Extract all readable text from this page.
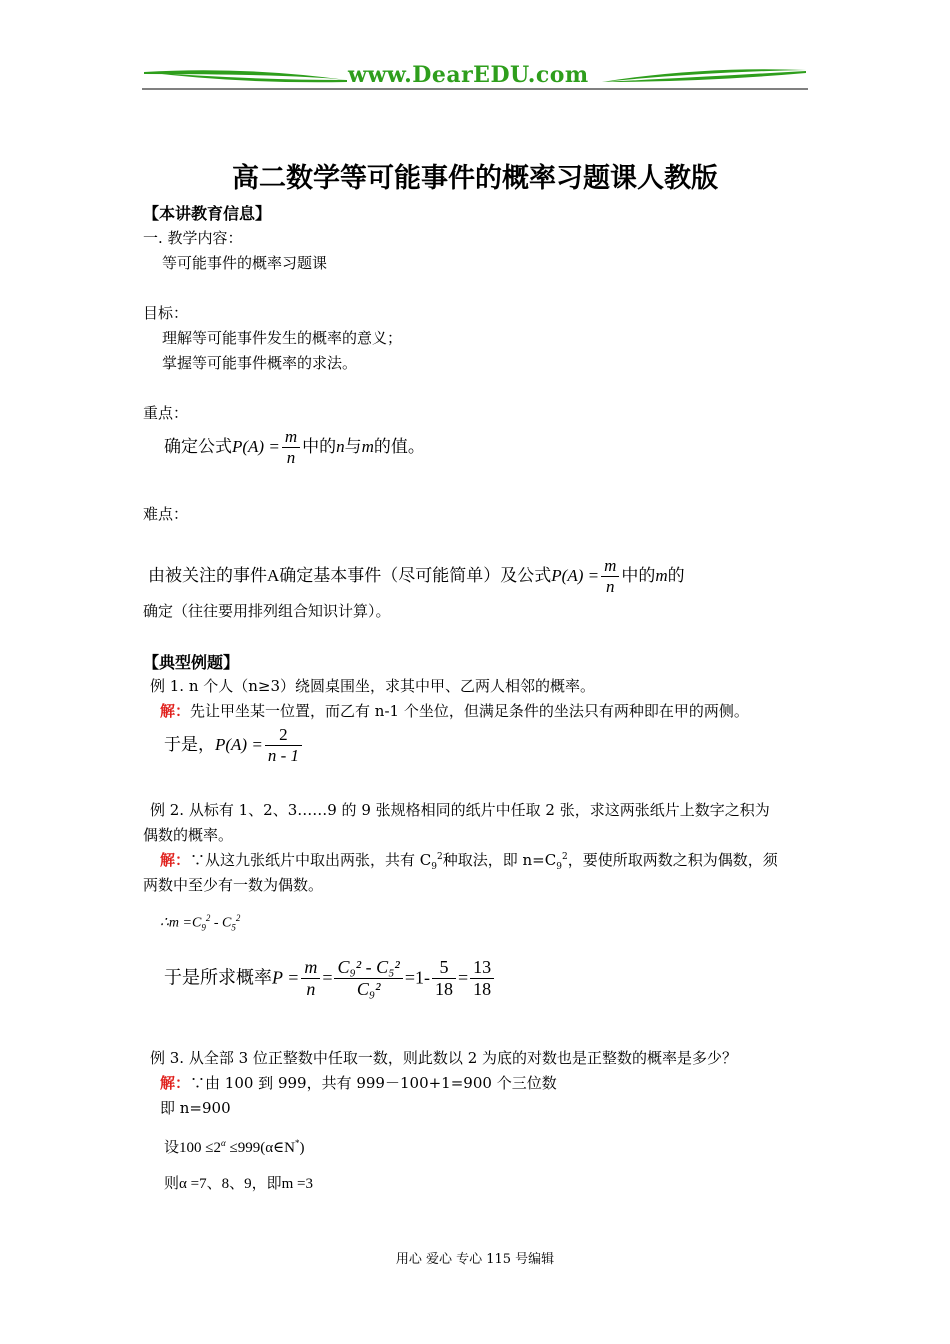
www.DearEDU.com
高二数学等可能事件的概率习题课人教版
【本讲教育信息】
一. 教学内容：
等可能事件的概率习题课
目标：
理解等可能事件发生的概率的意义；
掌握等可能事件概率的求法。
重点：
确定公式$P(A) = \frac{m}{n}$ 中的n与m的值。
难点：
由被关注的事件A确定基本事件（尽可能简单）及公式$P(A) = \frac{m}{n}$ 中的m的
确定（往往要用排列组合知识计算）。
【典型例题】
例 1. n 个人（n≥3）绕圆桌围坐，求其中甲、乙两人相邻的概率。
解：先让甲坐某一位置，而乙有 n-1 个坐位，但满足条件的坐法只有两种即在甲的两侧。
于是，$P(A) = \frac{2}{n - 1}$
例 2. 从标有 1、2、3……9 的 9 张规格相同的纸片中任取 2 张，求这两张纸片上数字之积为
偶数的概率。
解：∵从这九张纸片中取出两张，共有 $C_9^2$种取法，即 $n=C_9^2$，要使所取两数之积为偶数，须
两数中至少有一数为偶数。
∴m $=C_9^2 - C_5^2$
于是所求概率$P = \frac{m}{n} = \frac{\text{C₉² - C₅²}}{\text{C₉²}} =1- \frac{5}{18} = \frac{13}{18}$
例 3. 从全部 3 位正整数中任取一数，则此数以 2 为底的对数也是正整数的概率是多少？
解：∵由 100 到 999，共有 999－100+1=900 个三位数
即 n=900
设$100 \le 2^\alpha$ ≤999(α∈N*)
则α =7、8、9，即m =3
用心 爱心 专心 115 号编辑
